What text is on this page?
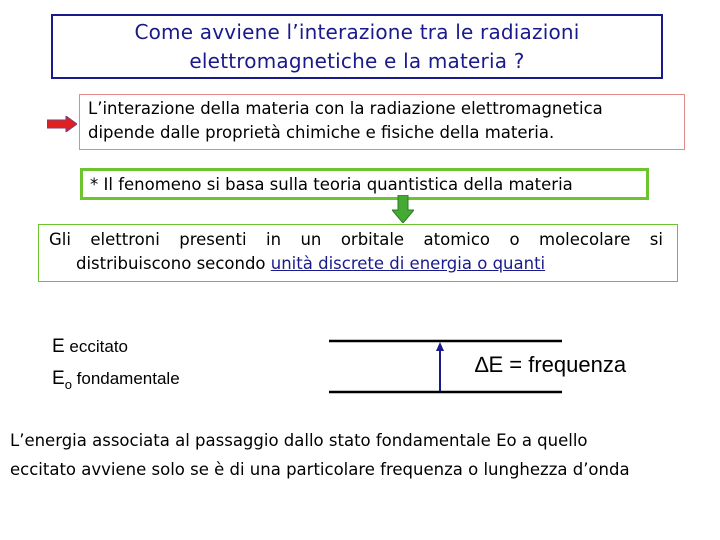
Come avviene l’interazione tra le radiazioni
elettromagnetiche e la materia ?
L’interazione della materia con la radiazione elettromagnetica
dipende dalle proprietà chimiche e fisiche della materia.
* Il fenomeno si basa sulla teoria quantistica della materia
Gli elettroni presenti in un orbitale atomico o molecolare si
distribuiscono secondo unità discrete di energia o quanti
E eccitato
$E_o$ fondamentale
∆E = frequenza
L’energia associata al passaggio dallo stato fondamentale Eo a quello
eccitato avviene solo se è di una particolare frequenza o lunghezza d’onda
